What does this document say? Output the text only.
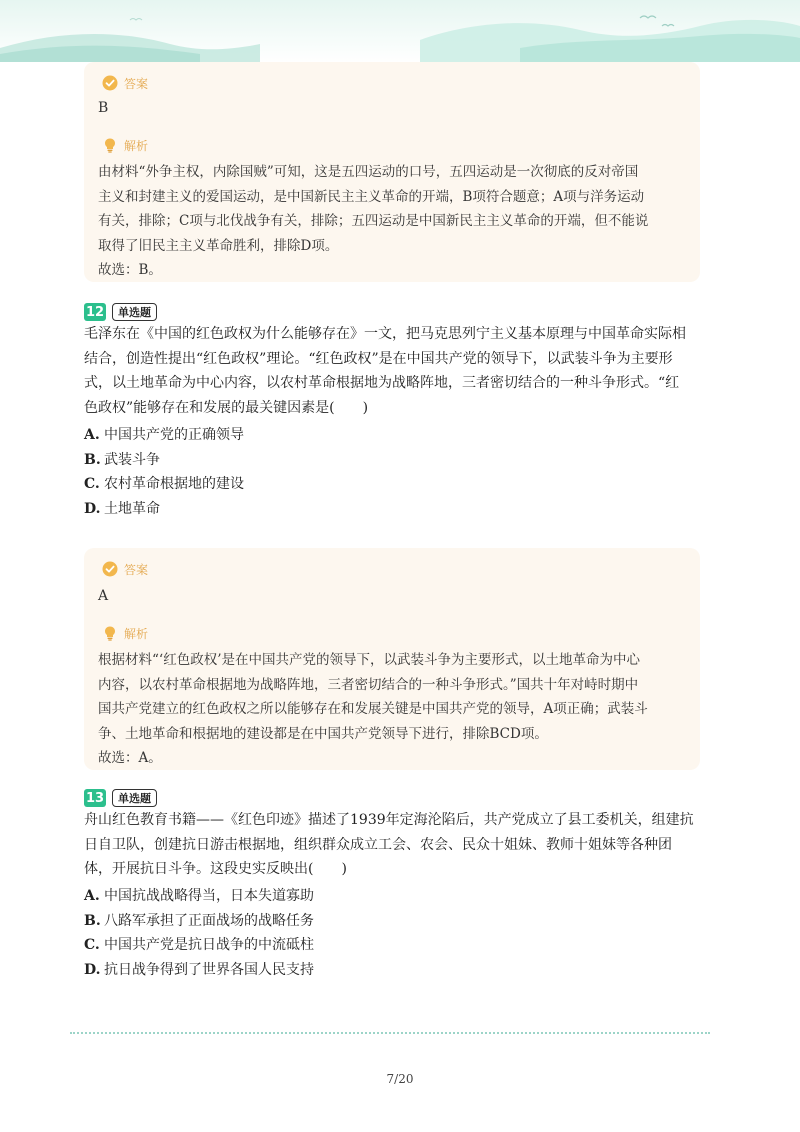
答案
B
解析

由材料“外争主权，内除国贼”可知，这是五四运动的口号，五四运动是一次彻底的反对帝国
主义和封建主义的爱国运动，是中国新民主主义革命的开端，B项符合题意；A项与洋务运动
有关，排除；C项与北伐战争有关，排除；五四运动是中国新民主主义革命的开端，但不能说
取得了旧民主主义革命胜利，排除D项。
故选：B。

12	单选题

毛泽东在《中国的红色政权为什么能够存在》一文，把马克思列宁主义基本原理与中国革命实际相
结合，创造性提出“红色政权”理论。“红色政权”是在中国共产党的领导下，以武装斗争为主要形
式，以土地革命为中心内容，以农村革命根据地为战略阵地，三者密切结合的一种斗争形式。“红
色政权”能够存在和发展的最关键因素是(　　)

A. 中国共产党的正确领导
B. 武装斗争
C. 农村革命根据地的建设
D. 土地革命
答案
A
解析

根据材料“‘红色政权’是在中国共产党的领导下，以武装斗争为主要形式，以土地革命为中心
内容，以农村革命根据地为战略阵地，三者密切结合的一种斗争形式。”国共十年对峙时期中
国共产党建立的红色政权之所以能够存在和发展关键是中国共产党的领导，A项正确；武装斗
争、土地革命和根据地的建设都是在中国共产党领导下进行，排除BCD项。
故选：A。

13	单选题

舟山红色教育书籍——《红色印迹》描述了1939年定海沦陷后，共产党成立了县工委机关，组建抗
日自卫队，创建抗日游击根据地，组织群众成立工会、农会、民众十姐妹、教师十姐妹等各种团
体，开展抗日斗争。这段史实反映出(　　)

A. 中国抗战战略得当，日本失道寡助
B. 八路军承担了正面战场的战略任务
C. 中国共产党是抗日战争的中流砥柱
D. 抗日战争得到了世界各国人民支持
7/20
